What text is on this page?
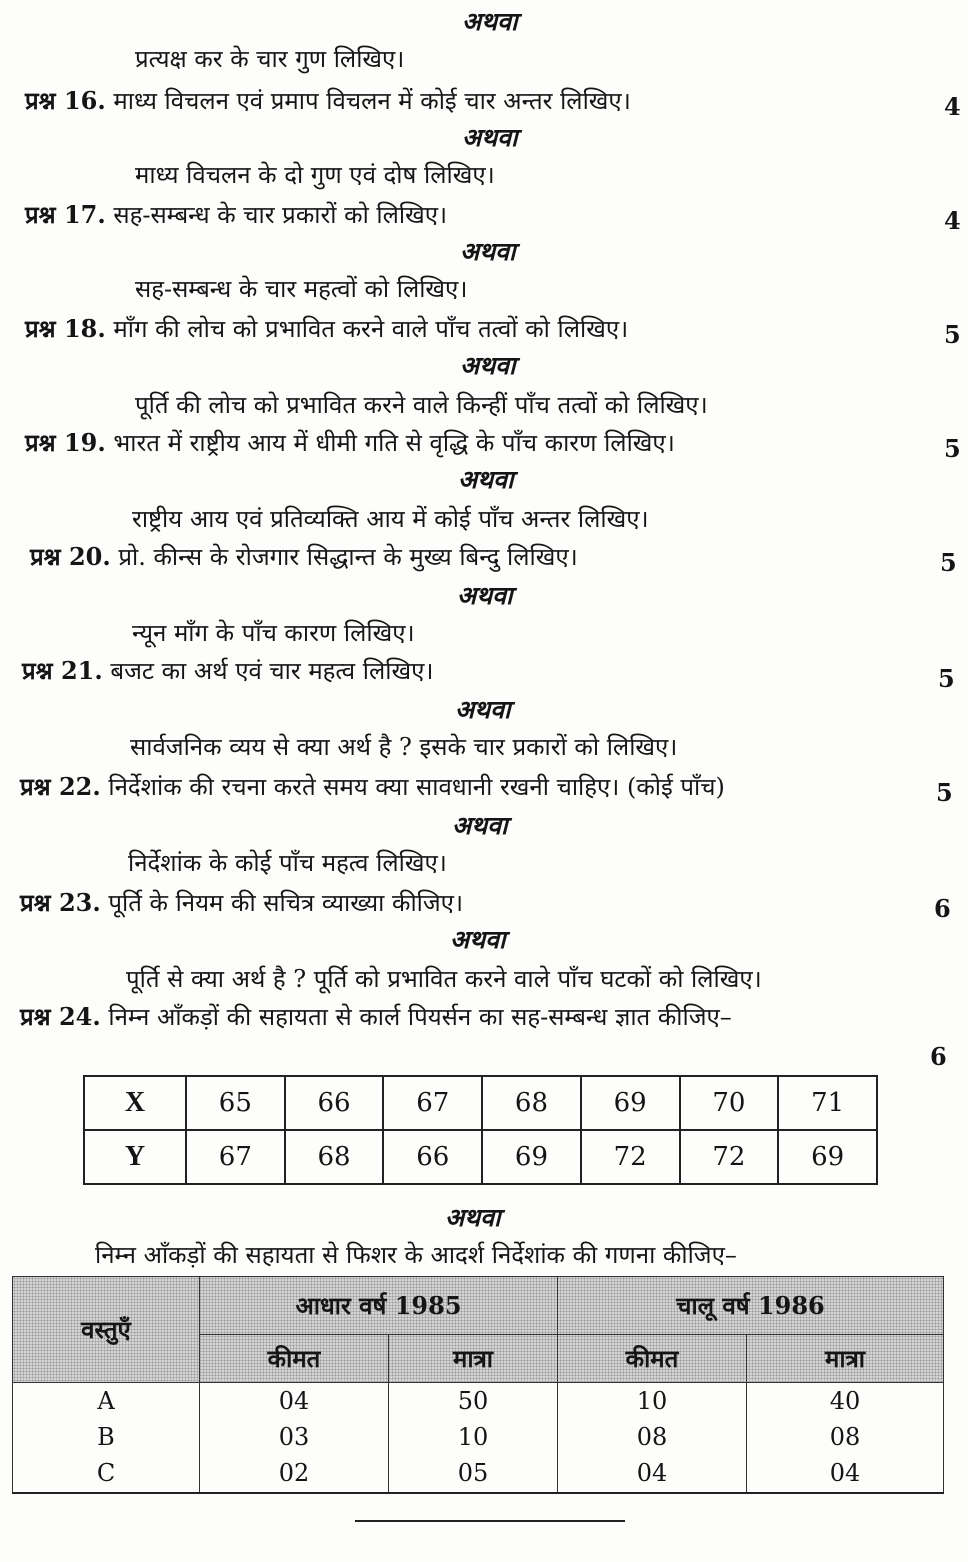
अथवा
प्रत्यक्ष कर के चार गुण लिखिए।
प्रश्न 16. माध्य विचलन एवं प्रमाप विचलन में कोई चार अन्तर लिखिए।	4
अथवा
माध्य विचलन के दो गुण एवं दोष लिखिए।
प्रश्न 17. सह-सम्बन्ध के चार प्रकारों को लिखिए।	4
अथवा
सह-सम्बन्ध के चार महत्वों को लिखिए।
प्रश्न 18. माँग की लोच को प्रभावित करने वाले पाँच तत्वों को लिखिए।	5
अथवा
पूर्ति की लोच को प्रभावित करने वाले किन्हीं पाँच तत्वों को लिखिए।
प्रश्न 19. भारत में राष्ट्रीय आय में धीमी गति से वृद्धि के पाँच कारण लिखिए।	5
अथवा
राष्ट्रीय आय एवं प्रतिव्यक्ति आय में कोई पाँच अन्तर लिखिए।
प्रश्न 20. प्रो. कीन्स के रोजगार सिद्धान्त के मुख्य बिन्दु लिखिए।	5
अथवा
न्यून माँग के पाँच कारण लिखिए।
प्रश्न 21. बजट का अर्थ एवं चार महत्व लिखिए।	5
अथवा
सार्वजनिक व्यय से क्या अर्थ है ? इसके चार प्रकारों को लिखिए।
प्रश्न 22. निर्देशांक की रचना करते समय क्या सावधानी रखनी चाहिए। (कोई पाँच)	5
अथवा
निर्देशांक के कोई पाँच महत्व लिखिए।
प्रश्न 23. पूर्ति के नियम की सचित्र व्याख्या कीजिए।	6
अथवा
पूर्ति से क्या अर्थ है ? पूर्ति को प्रभावित करने वाले पाँच घटकों को लिखिए।
प्रश्न 24. निम्न आँकड़ों की सहायता से कार्ल पियर्सन का सह-सम्बन्ध ज्ञात कीजिए–
6
X	65	66	67	68	69	70	71
Y	67	68	66	69	72	72	69
अथवा
निम्न आँकड़ों की सहायता से फिशर के आदर्श निर्देशांक की गणना कीजिए–
वस्तुएँ	आधार वर्ष 1985		चालू वर्ष 1986	
	कीमत	मात्रा	कीमत	मात्रा
A	04	50	10	40
B	03	10	08	08
C	02	05	04	04
